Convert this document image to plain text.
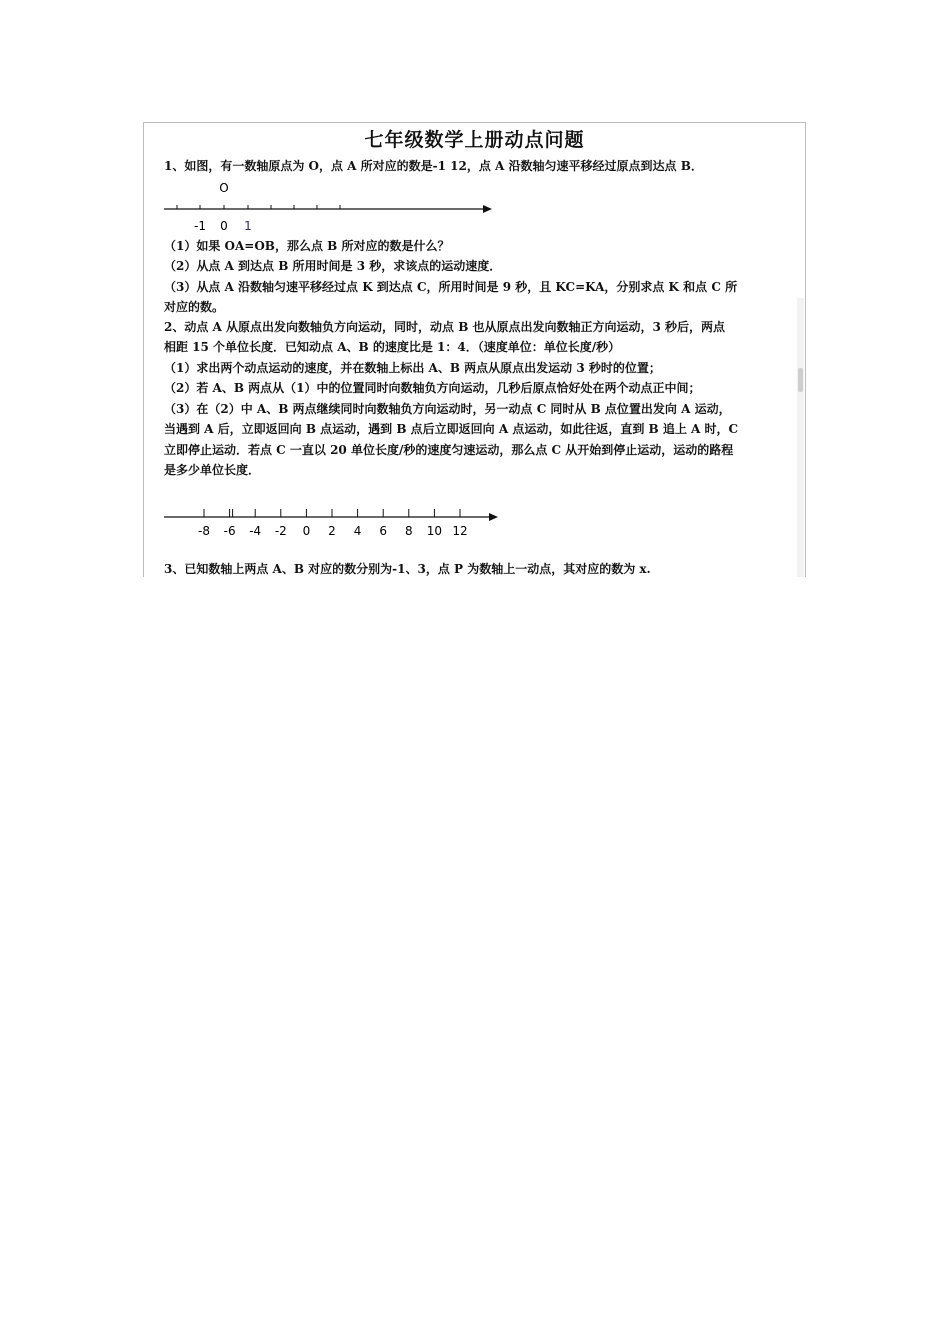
七年级数学上册动点问题
1、如图，有一数轴原点为 O，点 A 所对应的数是-1 12，点 A 沿数轴匀速平移经过原点到达点 B．
O
-1 0 1
（1）如果 OA=OB，那么点 B 所对应的数是什么？
（2）从点 A 到达点 B 所用时间是 3 秒，求该点的运动速度．
（3）从点 A 沿数轴匀速平移经过点 K 到达点 C，所用时间是 9 秒，且 KC=KA，分别求点 K 和点 C 所
对应的数。
2、动点 A 从原点出发向数轴负方向运动，同时，动点 B 也从原点出发向数轴正方向运动，3 秒后，两点
相距 15 个单位长度．已知动点 A、B 的速度比是 1：4．（速度单位：单位长度/秒）
（1）求出两个动点运动的速度，并在数轴上标出 A、B 两点从原点出发运动 3 秒时的位置；
（2）若 A、B 两点从（1）中的位置同时向数轴负方向运动，几秒后原点恰好处在两个动点正中间；
（3）在（2）中 A、B 两点继续同时向数轴负方向运动时，另一动点 C 同时从 B 点位置出发向 A 运动，
当遇到 A 后，立即返回向 B 点运动，遇到 B 点后立即返回向 A 点运动，如此往返，直到 B 追上 A 时，C
立即停止运动．若点 C 一直以 20 单位长度/秒的速度匀速运动，那么点 C 从开始到停止运动，运动的路程
是多少单位长度．
-8 -6 -4 -2 0 2 4 6 8 10 12
3、已知数轴上两点 A、B 对应的数分别为-1、3，点 P 为数轴上一动点，其对应的数为 x.
